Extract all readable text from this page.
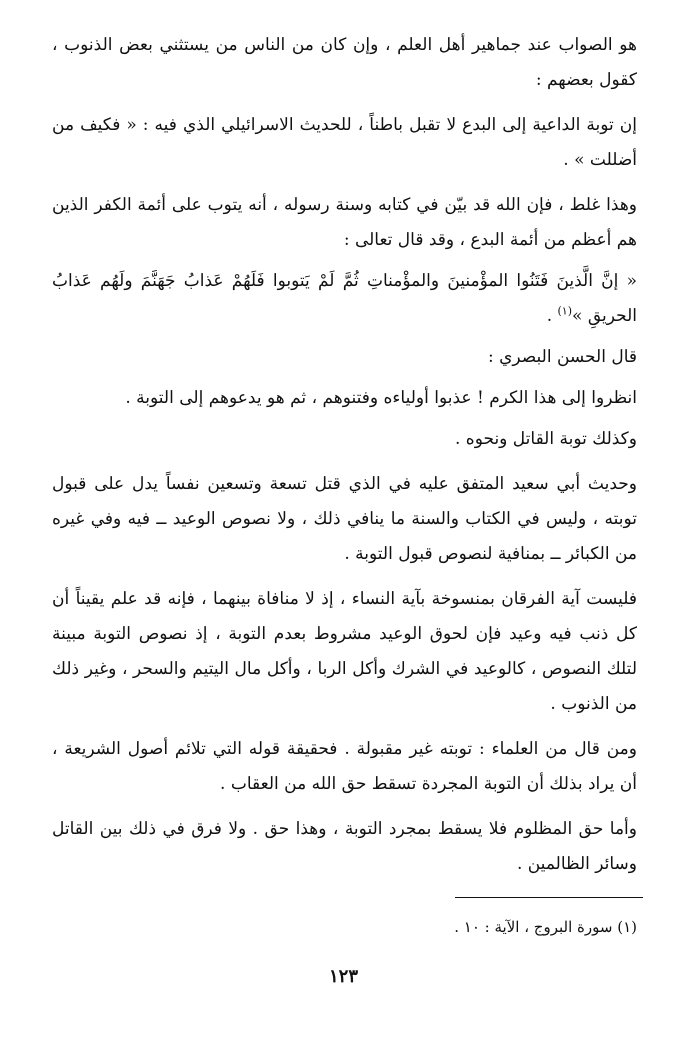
هو الصواب عند جماهير أهل العلم ، وإن كان من الناس من يستثني بعض الذنوب ، كقول بعضهم :

إن توبة الداعية إلى البدع لا تقبل باطناً ، للحديث الاسرائيلي الذي فيه : « فكيف من أضللت » .

وهذا غلط ، فإن الله قد بيّن في كتابه وسنة رسوله ، أنه يتوب على أئمة الكفر الذين هم أعظم من أئمة البدع ، وقد قال تعالى :

« إنَّ الَّذينَ فَتَنُوا المؤْمنينَ والمؤْمناتِ ثُمَّ لَمْ يَتوبوا فَلَهُمْ عَذابُ جَهَنَّمَ ولَهُم عَذابُ الحريقِ »$^{(١)}$ .

قال الحسن البصري :

انظروا إلى هذا الكرم ! عذبوا أولياءه وفتنوهم ، ثم هو يدعوهم إلى التوبة .

وكذلك توبة القاتل ونحوه .

وحديث أبي سعيد المتفق عليه في الذي قتل تسعة وتسعين نفساً يدل على قبول توبته ، وليس في الكتاب والسنة ما ينافي ذلك ، ولا نصوص الوعيد ــ فيه وفي غيره من الكبائر ــ بمنافية لنصوص قبول التوبة .

فليست آية الفرقان بمنسوخة بآية النساء ، إذ لا منافاة بينهما ، فإنه قد علم يقيناً أن كل ذنب فيه وعيد فإن لحوق الوعيد مشروط بعدم التوبة ، إذ نصوص التوبة مبينة لتلك النصوص ، كالوعيد في الشرك وأكل الربا ، وأكل مال اليتيم والسحر ، وغير ذلك من الذنوب .

ومن قال من العلماء : توبته غير مقبولة . فحقيقة قوله التي تلائم أصول الشريعة ، أن يراد بذلك أن التوبة المجردة تسقط حق الله من العقاب .

وأما حق المظلوم فلا يسقط بمجرد التوبة ، وهذا حق . ولا فرق في ذلك بين القاتل وسائر الظالمين .

(١) سورة البروج ، الآية : ١٠ .
١٢٣
